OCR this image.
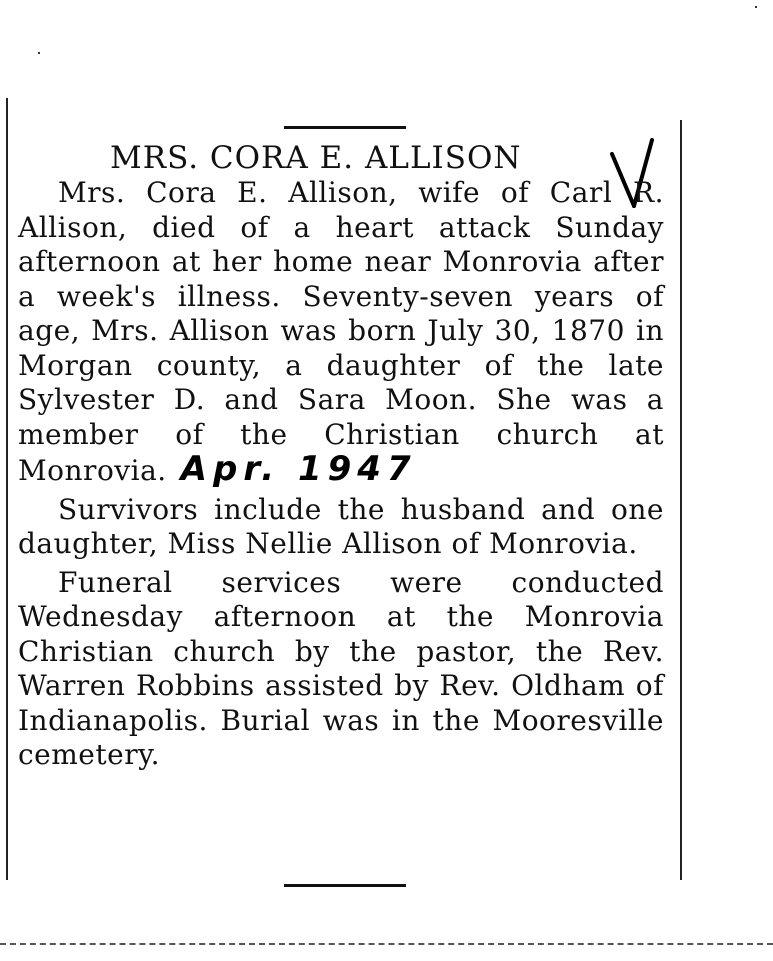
MRS. CORA E. ALLISON

Mrs. Cora E. Allison, wife of Carl R. Allison, died of a heart attack Sunday afternoon at her home near Monrovia after a week's illness. Seventy-seven years of age, Mrs. Allison was born July 30, 1870 in Morgan county, a daughter of the late Sylvester D. and Sara Moon. She was a member of the Christian church at Monrovia. Apr. 1947

Survivors include the husband and one daughter, Miss Nellie Allison of Monrovia.

Funeral services were conducted Wednesday afternoon at the Monrovia Christian church by the pastor, the Rev. Warren Robbins assisted by Rev. Oldham of Indianapolis. Burial was in the Mooresville cemetery.
